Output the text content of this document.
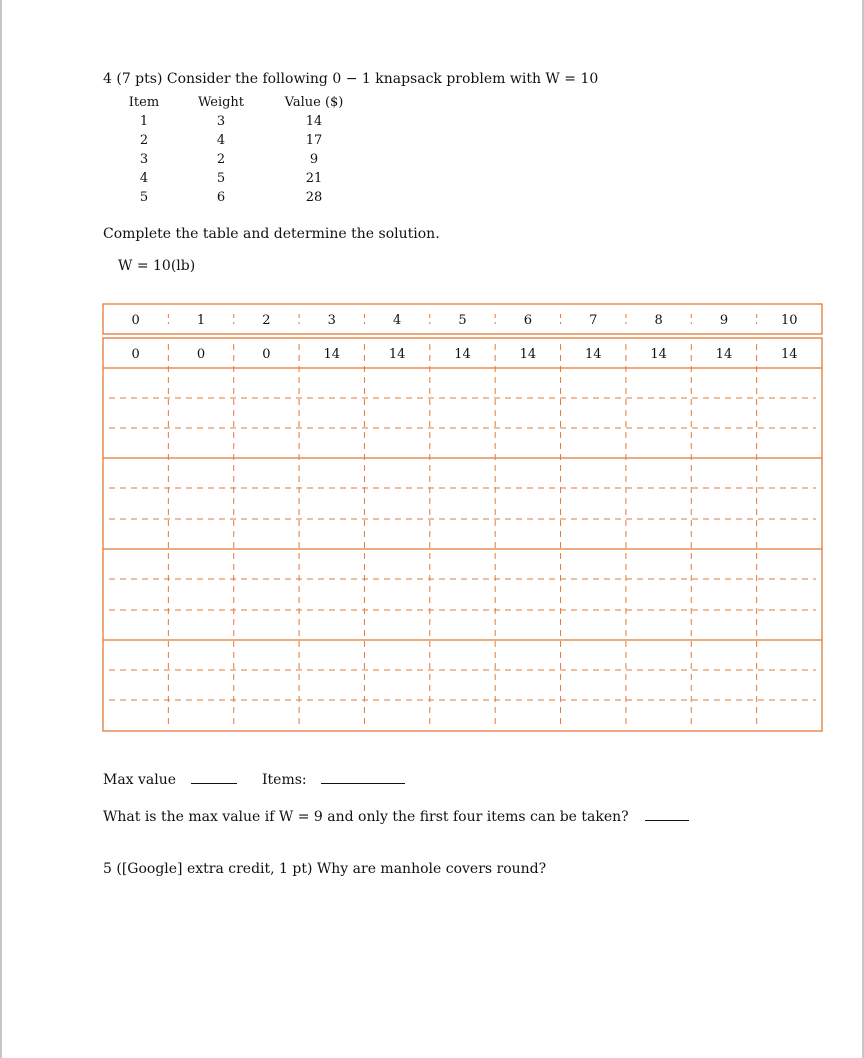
4 (7 pts) Consider the following 0 − 1 knapsack problem with W = 10
Item	Weight	Value ($)
1	3	14
2	4	17
3	2	9
4	5	21
5	6	28
Complete the table and determine the solution.
W = 10(lb)
0	1	2	3	4	5	6	7	8	9	10
0	0	0	14	14	14	14	14	14	14	14
Max value	Items:
What is the max value if W = 9 and only the first four items can be taken?
5 ([Google] extra credit, 1 pt) Why are manhole covers round?
